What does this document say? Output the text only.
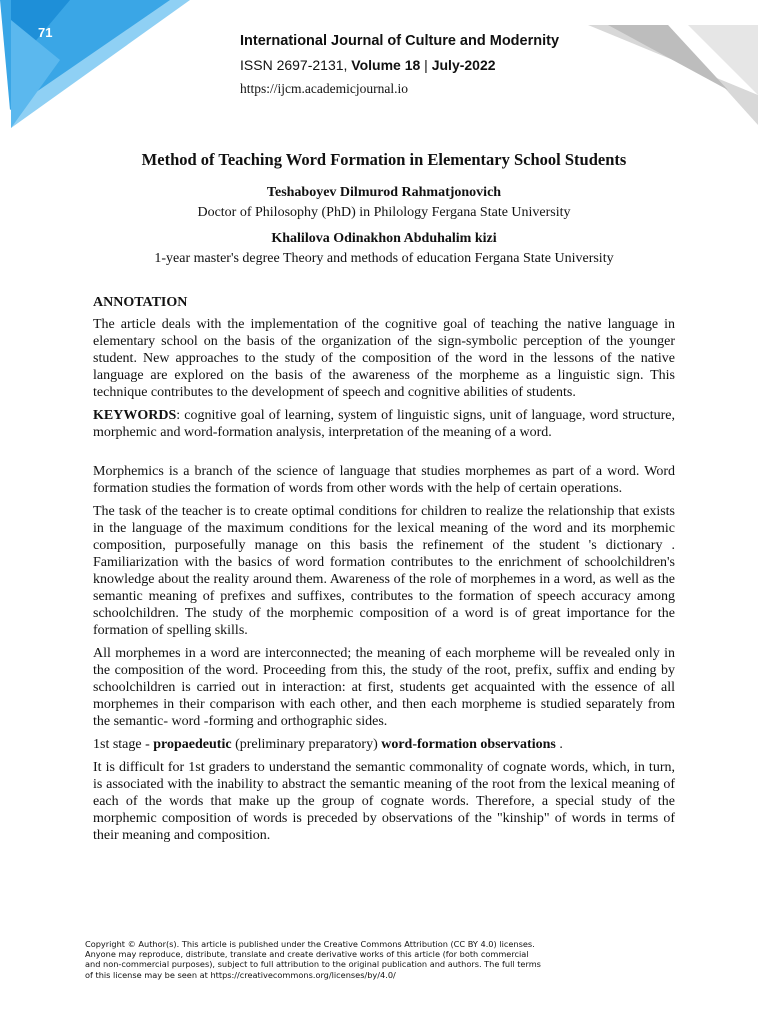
71
International Journal of Culture and Modernity
ISSN 2697-2131, Volume 18 | July-2022
https://ijcm.academicjournal.io
Method of Teaching Word Formation in Elementary School Students
Teshaboyev Dilmurod Rahmatjonovich
Doctor of Philosophy (PhD) in Philology Fergana State University
Khalilova Odinakhon Abduhalim kizi
1-year master's degree Theory and methods of education Fergana State University

ANNOTATION

The article deals with the implementation of the cognitive goal of teaching the native language in elementary school on the basis of the organization of the sign-symbolic perception of the younger student. New approaches to the study of the composition of the word in the lessons of the native language are explored on the basis of the awareness of the morpheme as a linguistic sign. This technique contributes to the development of speech and cognitive abilities of students.

KEYWORDS: cognitive goal of learning, system of linguistic signs, unit of language, word structure, morphemic and word-formation analysis, interpretation of the meaning of a word.

Morphemics is a branch of the science of language that studies morphemes as part of a word. Word formation studies the formation of words from other words with the help of certain operations.

The task of the teacher is to create optimal conditions for children to realize the relationship that exists in the language of the maximum conditions for the lexical meaning of the word and its morphemic composition, purposefully manage on this basis the refinement of the student 's dictionary . Familiarization with the basics of word formation contributes to the enrichment of schoolchildren's knowledge about the reality around them. Awareness of the role of morphemes in a word, as well as the semantic meaning of prefixes and suffixes, contributes to the formation of speech accuracy among schoolchildren. The study of the morphemic composition of a word is of great importance for the formation of spelling skills.

All morphemes in a word are interconnected; the meaning of each morpheme will be revealed only in the composition of the word. Proceeding from this, the study of the root, prefix, suffix and ending by schoolchildren is carried out in interaction: at first, students get acquainted with the essence of all morphemes in their comparison with each other, and then each morpheme is studied separately from the semantic- word -forming and orthographic sides.

1st stage - propaedeutic (preliminary preparatory) word-formation observations .

It is difficult for 1st graders to understand the semantic commonality of cognate words, which, in turn, is associated with the inability to abstract the semantic meaning of the root from the lexical meaning of each of the words that make up the group of cognate words. Therefore, a special study of the morphemic composition of words is preceded by observations of the "kinship" of words in terms of their meaning and composition.

Copyright © Author(s). This article is published under the Creative Commons Attribution (CC BY 4.0) licenses.
Anyone may reproduce, distribute, translate and create derivative works of this article (for both commercial
and non-commercial purposes), subject to full attribution to the original publication and authors. The full terms
of this license may be seen at https://creativecommons.org/licenses/by/4.0/
